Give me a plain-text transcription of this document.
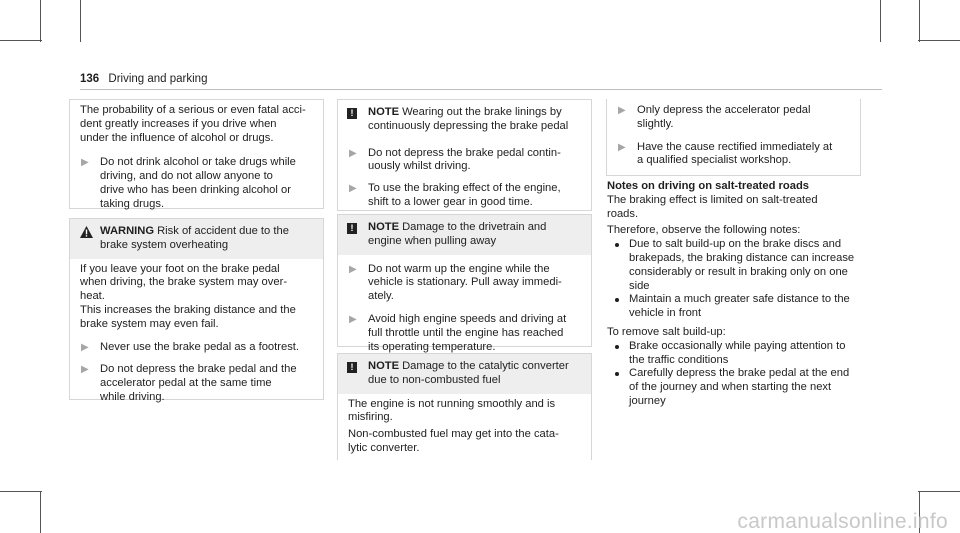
136 Driving and parking

The probability of a serious or even fatal acci-

dent greatly increases if you drive when

under the influence of alcohol or drugs.

▶ Do not drink alcohol or take drugs while

driving, and do not allow anyone to

drive who has been drinking alcohol or

taking drugs.

WARNING Risk of accident due to the

brake system overheating

If you leave your foot on the brake pedal

when driving, the brake system may over-

heat.

This increases the braking distance and the

brake system may even fail.

▶ Never use the brake pedal as a footrest.

▶ Do not depress the brake pedal and the

accelerator pedal at the same time

while driving.

!	NOTE Wearing out the brake linings by

continuously depressing the brake pedal

▶ Do not depress the brake pedal contin-

uously whilst driving.

▶ To use the braking effect of the engine,

shift to a lower gear in good time.

!	NOTE Damage to the drivetrain and

engine when pulling away

▶ Do not warm up the engine while the

vehicle is stationary. Pull away immedi-

ately.

▶ Avoid high engine speeds and driving at

full throttle until the engine has reached

its operating temperature.

!	NOTE Damage to the catalytic converter

due to non-combusted fuel

The engine is not running smoothly and is

misfiring.

Non-combusted fuel may get into the cata-

lytic converter.

▶ Only depress the accelerator pedal

slightly.

▶ Have the cause rectified immediately at

a qualified specialist workshop.

Notes on driving on salt-treated roads

The braking effect is limited on salt-treated

roads.

Therefore, observe the following notes:

Due to salt build-up on the brake discs and

brakepads, the braking distance can increase

considerably or result in braking only on one

side

Maintain a much greater safe distance to the

vehicle in front

To remove salt build-up:

Brake occasionally while paying attention to

the traffic conditions

Carefully depress the brake pedal at the end

of the journey and when starting the next

journey

carmanualsonline.info
